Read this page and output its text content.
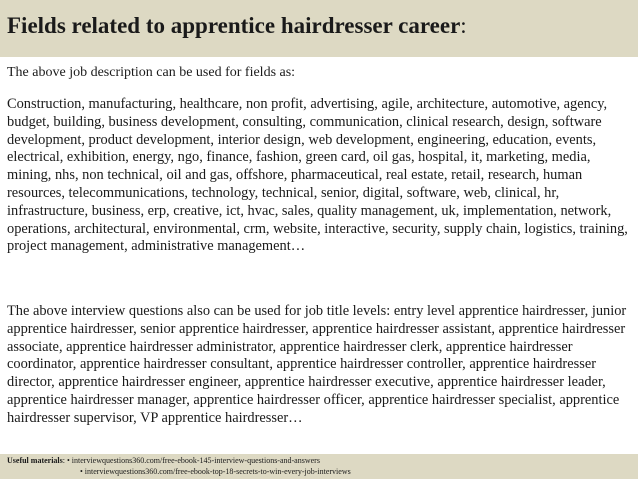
Fields related to apprentice hairdresser career:

The above job description can be used for fields as:

Construction, manufacturing, healthcare, non profit, advertising, agile, architecture, automotive, agency, budget, building, business development, consulting, communication, clinical research, design, software development, product development, interior design, web development, engineering, education, events, electrical, exhibition, energy, ngo, finance, fashion, green card, oil gas, hospital, it, marketing, media, mining, nhs, non technical, oil and gas, offshore, pharmaceutical, real estate, retail, research, human resources, telecommunications, technology, technical, senior, digital, software, web, clinical, hr, infrastructure, business, erp, creative, ict, hvac, sales, quality management, uk, implementation, network, operations, architectural, environmental, crm, website, interactive, security, supply chain, logistics, training, project management, administrative management…

The above interview questions also can be used for job title levels: entry level apprentice hairdresser, junior apprentice hairdresser, senior apprentice hairdresser, apprentice hairdresser assistant, apprentice hairdresser associate, apprentice hairdresser administrator, apprentice hairdresser clerk, apprentice hairdresser coordinator, apprentice hairdresser consultant, apprentice hairdresser controller, apprentice hairdresser director, apprentice hairdresser engineer, apprentice hairdresser executive, apprentice hairdresser leader, apprentice hairdresser manager, apprentice hairdresser officer, apprentice hairdresser specialist, apprentice hairdresser supervisor, VP apprentice hairdresser…

Useful materials: • interviewquestions360.com/free-ebook-145-interview-questions-and-answers
• interviewquestions360.com/free-ebook-top-18-secrets-to-win-every-job-interviews
